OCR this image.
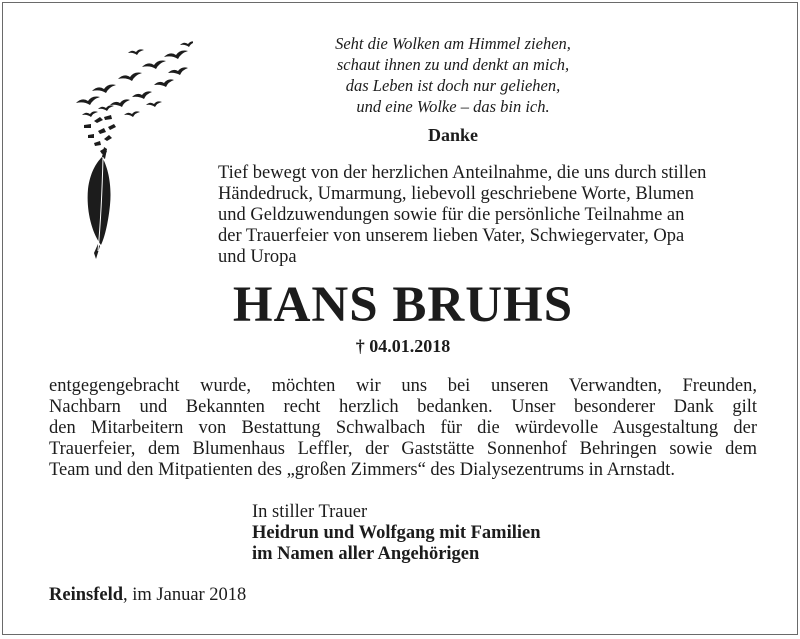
Seht die Wolken am Himmel ziehen,
schaut ihnen zu und denkt an mich,
das Leben ist doch nur geliehen,
und eine Wolke – das bin ich.
Danke
Tief bewegt von der herzlichen Anteilnahme, die uns durch stillen
Händedruck, Umarmung, liebevoll geschriebene Worte, Blumen
und Geldzuwendungen sowie für die persönliche Teilnahme an
der Trauerfeier von unserem lieben Vater, Schwiegervater, Opa
und Uropa
HANS BRUHS
† 04.01.2018
entgegengebracht wurde, möchten wir uns bei unseren Verwandten, Freunden,
Nachbarn und Bekannten recht herzlich bedanken. Unser besonderer Dank gilt
den Mitarbeitern von Bestattung Schwalbach für die würdevolle Ausgestaltung der
Trauerfeier, dem Blumenhaus Leffler, der Gaststätte Sonnenhof Behringen sowie dem
Team und den Mitpatienten des „großen Zimmers“ des Dialysezentrums in Arnstadt.
In stiller Trauer
Heidrun und Wolfgang mit Familien
im Namen aller Angehörigen
Reinsfeld, im Januar 2018
